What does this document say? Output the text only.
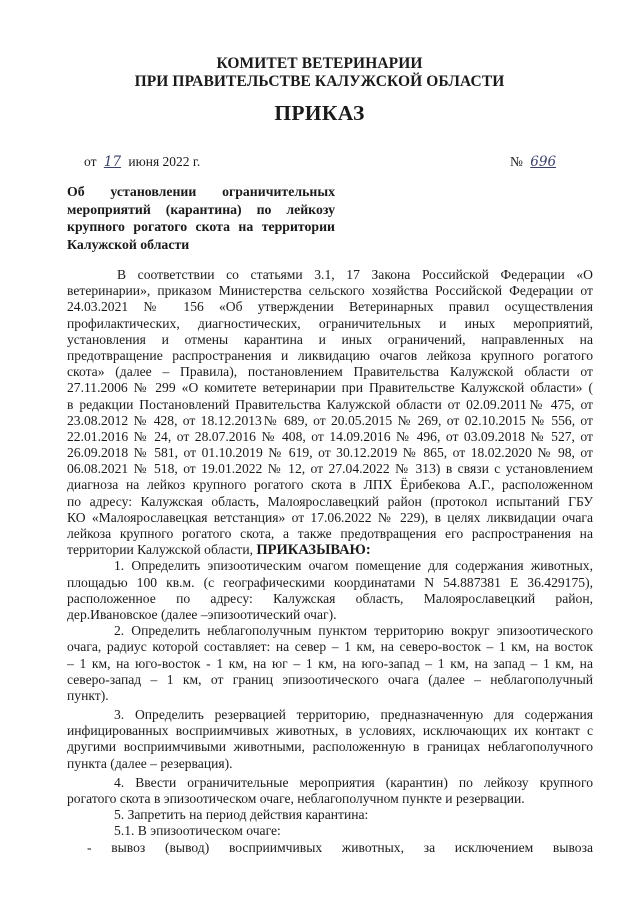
КОМИТЕТ ВЕТЕРИНАРИИ
ПРИ ПРАВИТЕЛЬСТВЕ КАЛУЖСКОЙ ОБЛАСТИ
ПРИКАЗ
от 17 июня 2022 г.	№ 696
Об установлении ограничительных
мероприятий (карантина) по лейкозу
крупного рогатого скота на территории
Калужской области
В соответствии со статьями 3.1, 17 Закона Российской Федерации «О
ветеринарии», приказом Министерства сельского хозяйства Российской Федерации от
24.03.2021 № 156 «Об утверждении Ветеринарных правил осуществления
профилактических, диагностических, ограничительных и иных мероприятий,
установления и отмены карантина и иных ограничений, направленных на
предотвращение распространения и ликвидацию очагов лейкоза крупного рогатого
скота» (далее – Правила), постановлением Правительства Калужской области от
27.11.2006 № 299 «О комитете ветеринарии при Правительстве Калужской области» (
в редакции Постановлений Правительства Калужской области от 02.09.2011№ 475, от
23.08.2012 № 428, от 18.12.2013№ 689, от 20.05.2015 № 269, от 02.10.2015 № 556, от
22.01.2016 № 24, от 28.07.2016 № 408, от 14.09.2016 № 496, от 03.09.2018 № 527, от
26.09.2018 № 581, от 01.10.2019 № 619, от 30.12.2019 № 865, от 18.02.2020 № 98, от
06.08.2021 № 518, от 19.01.2022 № 12, от 27.04.2022 № 313) в связи с установлением
диагноза на лейкоз крупного рогатого скота в ЛПХ Ёрибекова А.Г., расположенном
по адресу: Калужская область, Малоярославецкий район (протокол испытаний ГБУ
КО «Малоярославецкая ветстанция» от 17.06.2022 № 229), в целях ликвидации очага
лейкоза крупного рогатого скота, а также предотвращения его распространения на
территории Калужской области, ПРИКАЗЫВАЮ:
1. Определить эпизоотическим очагом помещение для содержания животных,
площадью 100 кв.м. (с географическими координатами N 54.887381 E 36.429175),
расположенное по адресу: Калужская область, Малоярославецкий район,
дер.Ивановское (далее –эпизоотический очаг).
2. Определить неблагополучным пунктом территорию вокруг эпизоотического
очага, радиус которой составляет: на север – 1 км, на северо-восток – 1 км, на восток
– 1 км, на юго-восток - 1 км, на юг – 1 км, на юго-запад – 1 км, на запад – 1 км, на
северо-запад – 1 км, от границ эпизоотического очага (далее – неблагополучный
пункт).
3. Определить резервацией территорию, предназначенную для содержания
инфицированных восприимчивых животных, в условиях, исключающих их контакт с
другими восприимчивыми животными, расположенную в границах неблагополучного
пункта (далее – резервация).
4. Ввести ограничительные мероприятия (карантин) по лейкозу крупного
рогатого скота в эпизоотическом очаге, неблагополучном пункте и резервации.
5. Запретить на период действия карантина:
5.1. В эпизоотическом очаге:
- вывоз (вывод) восприимчивых животных, за исключением вывоза
